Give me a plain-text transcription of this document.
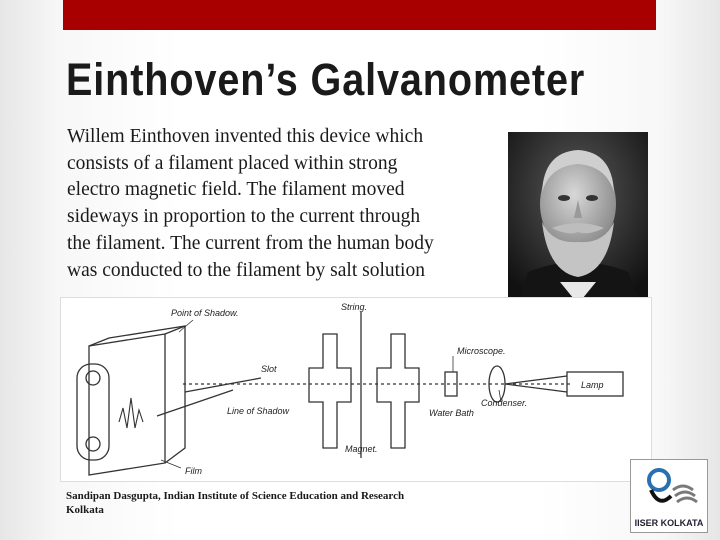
Einthoven’s Galvanometer
Willem Einthoven invented this device which
consists of a filament placed within strong
electro magnetic field. The filament moved
sideways in proportion to the current through
the filament. The current from the human body
was conducted to the filament by salt solution
Point of Shadow.
String.
Slot
Line of Shadow
Film
Magnet.
Microscope.
Condenser.
Water Bath
Lamp
Sandipan Dasgupta, Indian Institute of Science Education and Research
Kolkata
IISER KOLKATA
